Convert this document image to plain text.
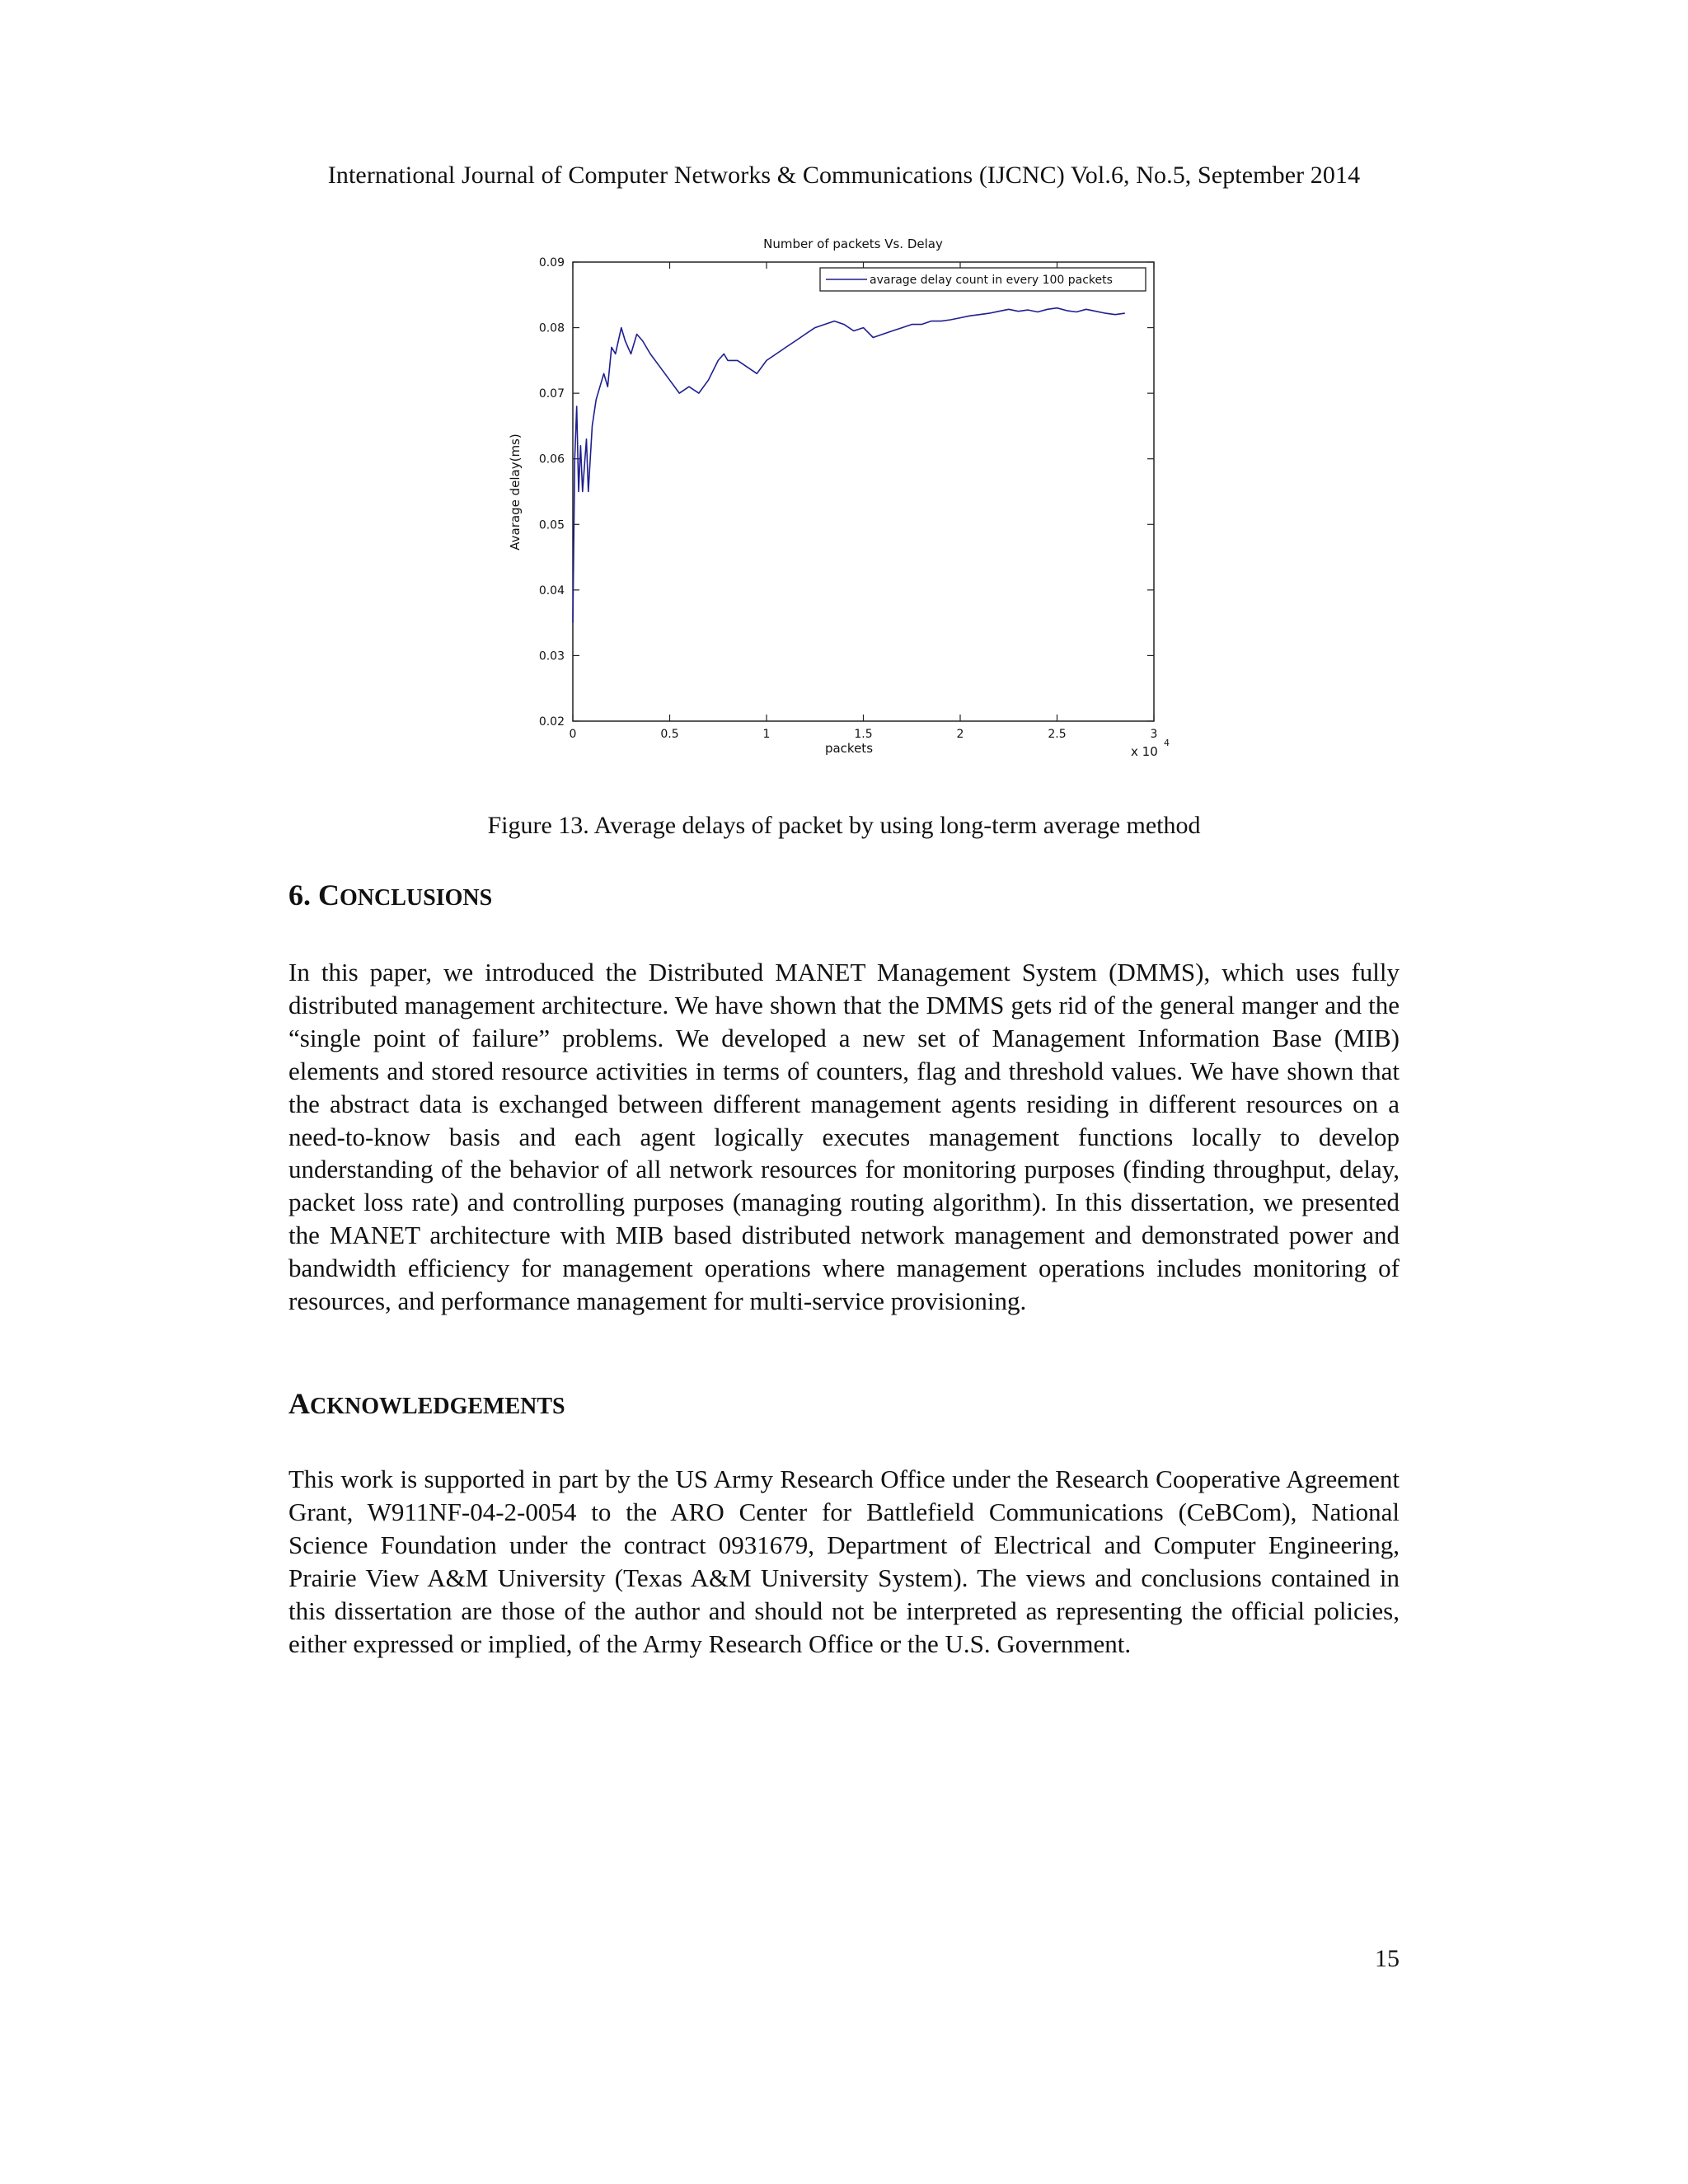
International Journal of Computer Networks & Communications (IJCNC) Vol.6, No.5, September 2014
Number of packets Vs. Delay
0	0.5	1	1.5	2	2.5	3
0.02
0.03
0.04
0.05
0.06
0.07
0.08
0.09
avarage delay count in every 100 packets
Avarage delay(ms)
packets	x 10
4
Figure 13. Average delays of packet by using long-term average method
6. CONCLUSIONS

In this paper, we introduced the Distributed MANET Management System (DMMS), which uses fully distributed management architecture. We have shown that the DMMS gets rid of the general manger and the “single point of failure” problems. We developed a new set of Management Information Base (MIB) elements and stored resource activities in terms of counters, flag and threshold values. We have shown that the abstract data is exchanged between different management agents residing in different resources on a need-to-know basis and each agent logically executes management functions locally to develop understanding of the behavior of all network resources for monitoring purposes (finding throughput, delay, packet loss rate) and controlling purposes (managing routing algorithm). In this dissertation, we presented the MANET architecture with MIB based distributed network management and demonstrated power and bandwidth efficiency for management operations where management operations includes monitoring of resources, and performance management for multi-service provisioning.

ACKNOWLEDGEMENTS

This work is supported in part by the US Army Research Office under the Research Cooperative Agreement Grant, W911NF-04-2-0054 to the ARO Center for Battlefield Communications (CeBCom), National Science Foundation under the contract 0931679, Department of Electrical and Computer Engineering, Prairie View A&M University (Texas A&M University System). The views and conclusions contained in this dissertation are those of the author and should not be interpreted as representing the official policies, either expressed or implied, of the Army Research Office or the U.S. Government.

15
